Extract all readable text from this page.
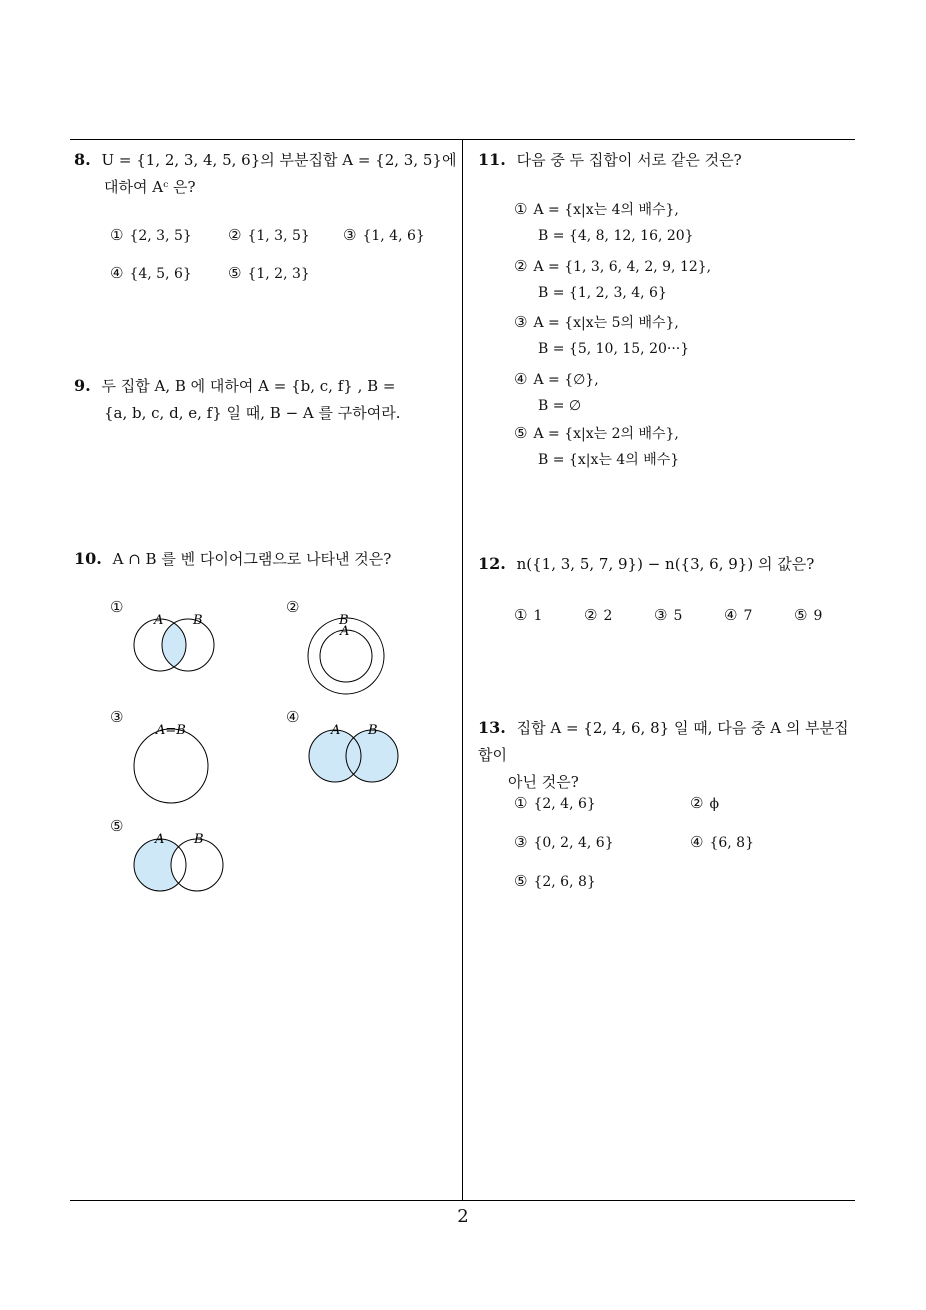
8. U = {1, 2, 3, 4, 5, 6}의 부분집합 A = {2, 3, 5}에
대하여 Aᶜ 은?
① {2, 3, 5} ② {1, 3, 5} ③ {1, 4, 6}
④ {4, 5, 6} ⑤ {1, 2, 3}
9. 두 집합 A, B 에 대하여 A = {b, c, f} , B =
{a, b, c, d, e, f} 일 때, B − A 를 구하여라.
10. A ∩ B 를 벤 다이어그램으로 나타낸 것은?
①
A B
②
B
A
③
A=B
④
A B
⑤
A B
11. 다음 중 두 집합이 서로 같은 것은?
① A = {x|x는 4의 배수},
B = {4, 8, 12, 16, 20}
② A = {1, 3, 6, 4, 2, 9, 12},
B = {1, 2, 3, 4, 6}
③ A = {x|x는 5의 배수},
B = {5, 10, 15, 20···}
④ A = {∅},
B = ∅
⑤ A = {x|x는 2의 배수},
B = {x|x는 4의 배수}
12. n({1, 3, 5, 7, 9}) − n({3, 6, 9}) 의 값은?
① 1	② 2	③ 5	④ 7	⑤ 9
13. 집합 A = {2, 4, 6, 8} 일 때, 다음 중 A 의 부분집합이
아닌 것은?
① {2, 4, 6}	② ϕ
③ {0, 2, 4, 6}	④ {6, 8}
⑤ {2, 6, 8}
2
